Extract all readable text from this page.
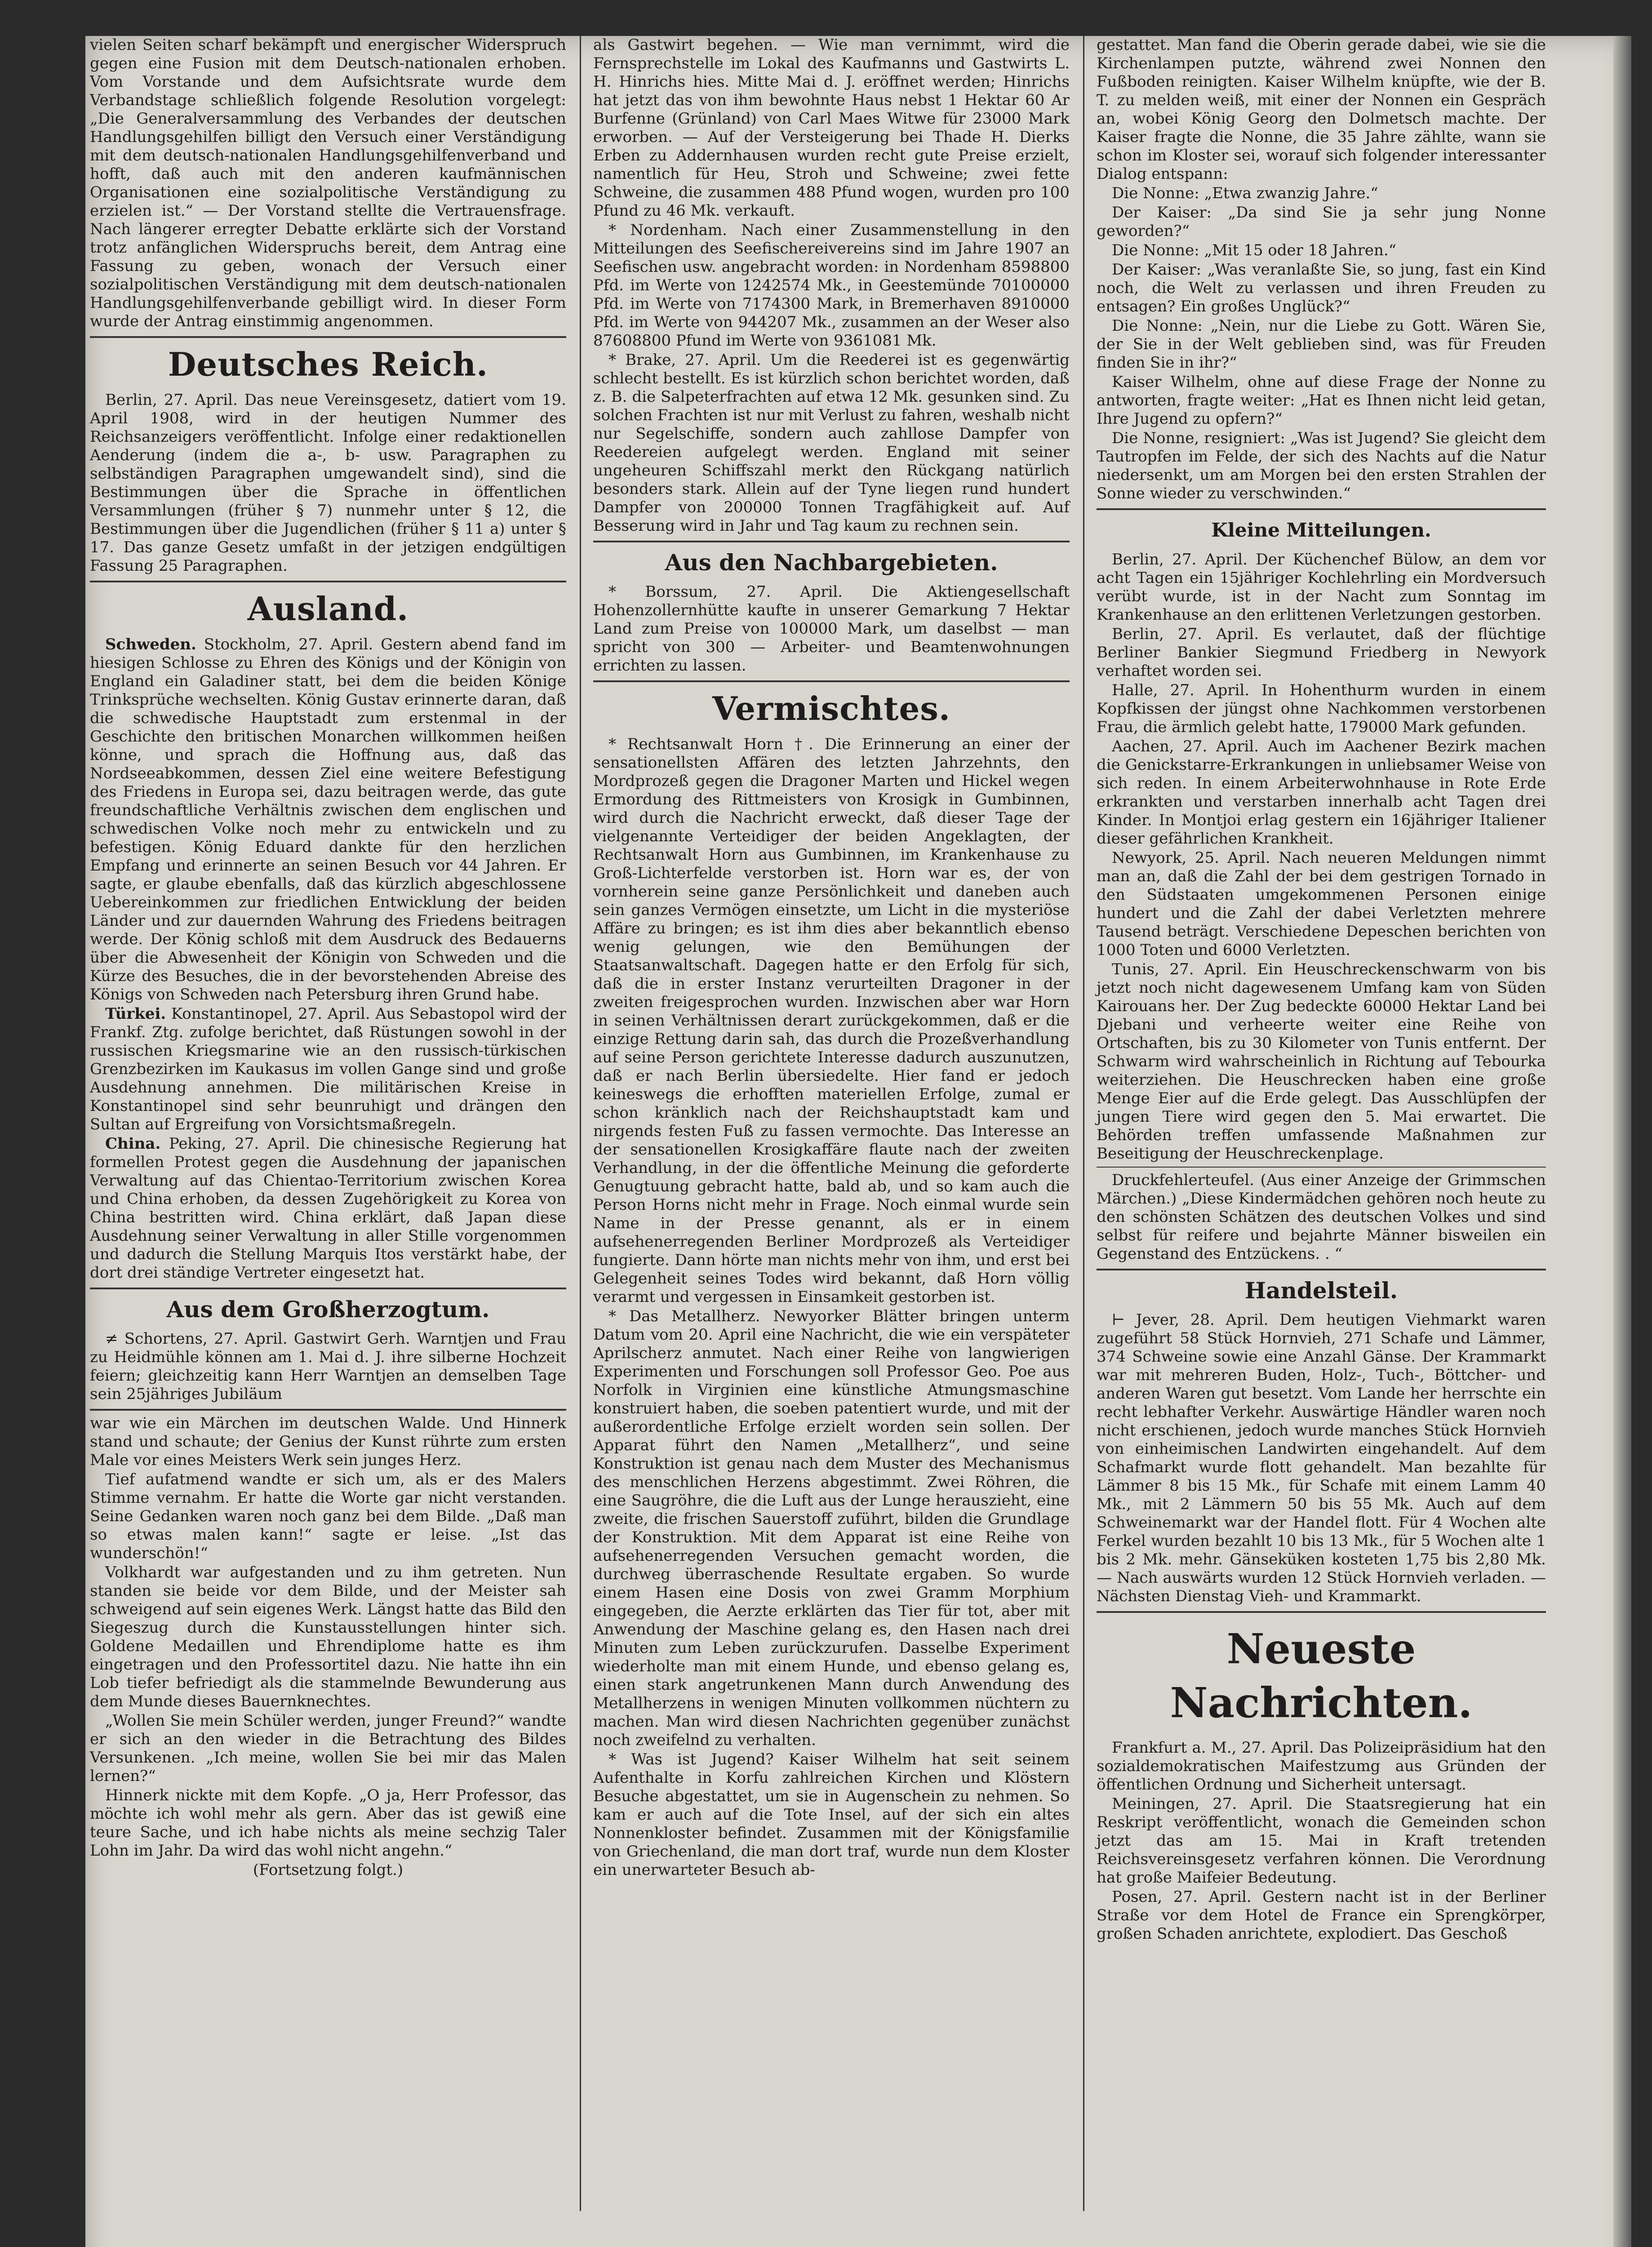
vielen Seiten scharf bekämpft und energischer Widerspruch gegen eine Fusion mit dem Deutsch-nationalen erhoben. Vom Vorstande und dem Aufsichtsrate wurde dem Verbandstage schließlich folgende Resolution vorgelegt: „Die Generalversammlung des Verbandes der deutschen Handlungsgehilfen billigt den Versuch einer Verständigung mit dem deutsch-nationalen Handlungsgehilfenverband und hofft, daß auch mit den anderen kaufmännischen Organisationen eine sozialpolitische Verständigung zu erzielen ist.“ — Der Vorstand stellte die Vertrauensfrage. Nach längerer erregter Debatte erklärte sich der Vorstand trotz anfänglichen Widerspruchs bereit, dem Antrag eine Fassung zu geben, wonach der Versuch einer sozialpolitischen Verständigung mit dem deutsch-nationalen Handlungsgehilfenverbande gebilligt wird. In dieser Form wurde der Antrag einstimmig angenommen.

Deutsches Reich.

Berlin, 27. April. Das neue Vereinsgesetz, datiert vom 19. April 1908, wird in der heutigen Nummer des Reichsanzeigers veröffentlicht. Infolge einer redaktionellen Aenderung (indem die a-, b- usw. Paragraphen zu selbständigen Paragraphen umgewandelt sind), sind die Bestimmungen über die Sprache in öffentlichen Versammlungen (früher § 7) nunmehr unter § 12, die Bestimmungen über die Jugendlichen (früher § 11 a) unter § 17. Das ganze Gesetz umfaßt in der jetzigen endgültigen Fassung 25 Paragraphen.

Ausland.

Schweden. Stockholm, 27. April. Gestern abend fand im hiesigen Schlosse zu Ehren des Königs und der Königin von England ein Galadiner statt, bei dem die beiden Könige Trinksprüche wechselten. König Gustav erinnerte daran, daß die schwedische Hauptstadt zum erstenmal in der Geschichte den britischen Monarchen willkommen heißen könne, und sprach die Hoffnung aus, daß das Nordseeabkommen, dessen Ziel eine weitere Befestigung des Friedens in Europa sei, dazu beitragen werde, das gute freundschaftliche Verhältnis zwischen dem englischen und schwedischen Volke noch mehr zu entwickeln und zu befestigen. König Eduard dankte für den herzlichen Empfang und erinnerte an seinen Besuch vor 44 Jahren. Er sagte, er glaube ebenfalls, daß das kürzlich abgeschlossene Uebereinkommen zur friedlichen Entwicklung der beiden Länder und zur dauernden Wahrung des Friedens beitragen werde. Der König schloß mit dem Ausdruck des Bedauerns über die Abwesenheit der Königin von Schweden und die Kürze des Besuches, die in der bevorstehenden Abreise des Königs von Schweden nach Petersburg ihren Grund habe.

Türkei. Konstantinopel, 27. April. Aus Sebastopol wird der Frankf. Ztg. zufolge berichtet, daß Rüstungen sowohl in der russischen Kriegsmarine wie an den russisch-türkischen Grenzbezirken im Kaukasus im vollen Gange sind und große Ausdehnung annehmen. Die militärischen Kreise in Konstantinopel sind sehr beunruhigt und drängen den Sultan auf Ergreifung von Vorsichtsmaßregeln.

China. Peking, 27. April. Die chinesische Regierung hat formellen Protest gegen die Ausdehnung der japanischen Verwaltung auf das Chientao-Territorium zwischen Korea und China erhoben, da dessen Zugehörigkeit zu Korea von China bestritten wird. China erklärt, daß Japan diese Ausdehnung seiner Verwaltung in aller Stille vorgenommen und dadurch die Stellung Marquis Itos verstärkt habe, der dort drei ständige Vertreter eingesetzt hat.

Aus dem Großherzogtum.

≠ Schortens, 27. April. Gastwirt Gerh. Warntjen und Frau zu Heidmühle können am 1. Mai d. J. ihre silberne Hochzeit feiern; gleichzeitig kann Herr Warntjen an demselben Tage sein 25jähriges Jubiläum

war wie ein Märchen im deutschen Walde. Und Hinnerk stand und schaute; der Genius der Kunst rührte zum ersten Male vor eines Meisters Werk sein junges Herz.

Tief aufatmend wandte er sich um, als er des Malers Stimme vernahm. Er hatte die Worte gar nicht verstanden. Seine Gedanken waren noch ganz bei dem Bilde. „Daß man so etwas malen kann!“ sagte er leise. „Ist das wunderschön!“

Volkhardt war aufgestanden und zu ihm getreten. Nun standen sie beide vor dem Bilde, und der Meister sah schweigend auf sein eigenes Werk. Längst hatte das Bild den Siegeszug durch die Kunstausstellungen hinter sich. Goldene Medaillen und Ehrendiplome hatte es ihm eingetragen und den Professortitel dazu. Nie hatte ihn ein Lob tiefer befriedigt als die stammelnde Bewunderung aus dem Munde dieses Bauernknechtes.

„Wollen Sie mein Schüler werden, junger Freund?“ wandte er sich an den wieder in die Betrachtung des Bildes Versunkenen. „Ich meine, wollen Sie bei mir das Malen lernen?“

Hinnerk nickte mit dem Kopfe. „O ja, Herr Professor, das möchte ich wohl mehr als gern. Aber das ist gewiß eine teure Sache, und ich habe nichts als meine sechzig Taler Lohn im Jahr. Da wird das wohl nicht angehn.“

(Fortsetzung folgt.)

als Gastwirt begehen. — Wie man vernimmt, wird die Fernsprechstelle im Lokal des Kaufmanns und Gastwirts L. H. Hinrichs hies. Mitte Mai d. J. eröffnet werden; Hinrichs hat jetzt das von ihm bewohnte Haus nebst 1 Hektar 60 Ar Burfenne (Grünland) von Carl Maes Witwe für 23000 Mark erworben. — Auf der Versteigerung bei Thade H. Dierks Erben zu Addernhausen wurden recht gute Preise erzielt, namentlich für Heu, Stroh und Schweine; zwei fette Schweine, die zusammen 488 Pfund wogen, wurden pro 100 Pfund zu 46 Mk. verkauft.

* Nordenham. Nach einer Zusammenstellung in den Mitteilungen des Seefischereivereins sind im Jahre 1907 an Seefischen usw. angebracht worden: in Nordenham 8598800 Pfd. im Werte von 1242574 Mk., in Geestemünde 70100000 Pfd. im Werte von 7174300 Mark, in Bremerhaven 8910000 Pfd. im Werte von 944207 Mk., zusammen an der Weser also 87608800 Pfund im Werte von 9361081 Mk.

* Brake, 27. April. Um die Reederei ist es gegenwärtig schlecht bestellt. Es ist kürzlich schon berichtet worden, daß z. B. die Salpeterfrachten auf etwa 12 Mk. gesunken sind. Zu solchen Frachten ist nur mit Verlust zu fahren, weshalb nicht nur Segelschiffe, sondern auch zahllose Dampfer von Reedereien aufgelegt werden. England mit seiner ungeheuren Schiffszahl merkt den Rückgang natürlich besonders stark. Allein auf der Tyne liegen rund hundert Dampfer von 200000 Tonnen Tragfähigkeit auf. Auf Besserung wird in Jahr und Tag kaum zu rechnen sein.

Aus den Nachbargebieten.

* Borssum, 27. April. Die Aktiengesellschaft Hohenzollernhütte kaufte in unserer Gemarkung 7 Hektar Land zum Preise von 100000 Mark, um daselbst — man spricht von 300 — Arbeiter- und Beamtenwohnungen errichten zu lassen.

Vermischtes.

* Rechtsanwalt Horn †. Die Erinnerung an einer der sensationellsten Affären des letzten Jahrzehnts, den Mordprozeß gegen die Dragoner Marten und Hickel wegen Ermordung des Rittmeisters von Krosigk in Gumbinnen, wird durch die Nachricht erweckt, daß dieser Tage der vielgenannte Verteidiger der beiden Angeklagten, der Rechtsanwalt Horn aus Gumbinnen, im Krankenhause zu Groß-Lichterfelde verstorben ist. Horn war es, der von vornherein seine ganze Persönlichkeit und daneben auch sein ganzes Vermögen einsetzte, um Licht in die mysteriöse Affäre zu bringen; es ist ihm dies aber bekanntlich ebenso wenig gelungen, wie den Bemühungen der Staatsanwaltschaft. Dagegen hatte er den Erfolg für sich, daß die in erster Instanz verurteilten Dragoner in der zweiten freigesprochen wurden. Inzwischen aber war Horn in seinen Verhältnissen derart zurückgekommen, daß er die einzige Rettung darin sah, das durch die Prozeßverhandlung auf seine Person gerichtete Interesse dadurch auszunutzen, daß er nach Berlin übersiedelte. Hier fand er jedoch keineswegs die erhofften materiellen Erfolge, zumal er schon kränklich nach der Reichshauptstadt kam und nirgends festen Fuß zu fassen vermochte. Das Interesse an der sensationellen Krosigkaffäre flaute nach der zweiten Verhandlung, in der die öffentliche Meinung die geforderte Genugtuung gebracht hatte, bald ab, und so kam auch die Person Horns nicht mehr in Frage. Noch einmal wurde sein Name in der Presse genannt, als er in einem aufsehenerregenden Berliner Mordprozeß als Verteidiger fungierte. Dann hörte man nichts mehr von ihm, und erst bei Gelegenheit seines Todes wird bekannt, daß Horn völlig verarmt und vergessen in Einsamkeit gestorben ist.

* Das Metallherz. Newyorker Blätter bringen unterm Datum vom 20. April eine Nachricht, die wie ein verspäteter Aprilscherz anmutet. Nach einer Reihe von langwierigen Experimenten und Forschungen soll Professor Geo. Poe aus Norfolk in Virginien eine künstliche Atmungsmaschine konstruiert haben, die soeben patentiert wurde, und mit der außerordentliche Erfolge erzielt worden sein sollen. Der Apparat führt den Namen „Metallherz“, und seine Konstruktion ist genau nach dem Muster des Mechanismus des menschlichen Herzens abgestimmt. Zwei Röhren, die eine Saugröhre, die die Luft aus der Lunge herauszieht, eine zweite, die frischen Sauerstoff zuführt, bilden die Grundlage der Konstruktion. Mit dem Apparat ist eine Reihe von aufsehenerregenden Versuchen gemacht worden, die durchweg überraschende Resultate ergaben. So wurde einem Hasen eine Dosis von zwei Gramm Morphium eingegeben, die Aerzte erklärten das Tier für tot, aber mit Anwendung der Maschine gelang es, den Hasen nach drei Minuten zum Leben zurückzurufen. Dasselbe Experiment wiederholte man mit einem Hunde, und ebenso gelang es, einen stark angetrunkenen Mann durch Anwendung des Metallherzens in wenigen Minuten vollkommen nüchtern zu machen. Man wird diesen Nachrichten gegenüber zunächst noch zweifelnd zu verhalten.

* Was ist Jugend? Kaiser Wilhelm hat seit seinem Aufenthalte in Korfu zahlreichen Kirchen und Klöstern Besuche abgestattet, um sie in Augenschein zu nehmen. So kam er auch auf die Tote Insel, auf der sich ein altes Nonnenkloster befindet. Zusammen mit der Königsfamilie von Griechenland, die man dort traf, wurde nun dem Kloster ein unerwarteter Besuch ab-

gestattet. Man fand die Oberin gerade dabei, wie sie die Kirchenlampen putzte, während zwei Nonnen den Fußboden reinigten. Kaiser Wilhelm knüpfte, wie der B. T. zu melden weiß, mit einer der Nonnen ein Gespräch an, wobei König Georg den Dolmetsch machte. Der Kaiser fragte die Nonne, die 35 Jahre zählte, wann sie schon im Kloster sei, worauf sich folgender interessanter Dialog entspann:

Die Nonne: „Etwa zwanzig Jahre.“

Der Kaiser: „Da sind Sie ja sehr jung Nonne geworden?“

Die Nonne: „Mit 15 oder 18 Jahren.“

Der Kaiser: „Was veranlaßte Sie, so jung, fast ein Kind noch, die Welt zu verlassen und ihren Freuden zu entsagen? Ein großes Unglück?“

Die Nonne: „Nein, nur die Liebe zu Gott. Wären Sie, der Sie in der Welt geblieben sind, was für Freuden finden Sie in ihr?“

Kaiser Wilhelm, ohne auf diese Frage der Nonne zu antworten, fragte weiter: „Hat es Ihnen nicht leid getan, Ihre Jugend zu opfern?“

Die Nonne, resigniert: „Was ist Jugend? Sie gleicht dem Tautropfen im Felde, der sich des Nachts auf die Natur niedersenkt, um am Morgen bei den ersten Strahlen der Sonne wieder zu verschwinden.“

Kleine Mitteilungen.

Berlin, 27. April. Der Küchenchef Bülow, an dem vor acht Tagen ein 15jähriger Kochlehrling ein Mordversuch verübt wurde, ist in der Nacht zum Sonntag im Krankenhause an den erlittenen Verletzungen gestorben.

Berlin, 27. April. Es verlautet, daß der flüchtige Berliner Bankier Siegmund Friedberg in Newyork verhaftet worden sei.

Halle, 27. April. In Hohenthurm wurden in einem Kopfkissen der jüngst ohne Nachkommen verstorbenen Frau, die ärmlich gelebt hatte, 179000 Mark gefunden.

Aachen, 27. April. Auch im Aachener Bezirk machen die Genickstarre-Erkrankungen in unliebsamer Weise von sich reden. In einem Arbeiterwohnhause in Rote Erde erkrankten und verstarben innerhalb acht Tagen drei Kinder. In Montjoi erlag gestern ein 16jähriger Italiener dieser gefährlichen Krankheit.

Newyork, 25. April. Nach neueren Meldungen nimmt man an, daß die Zahl der bei dem gestrigen Tornado in den Südstaaten umgekommenen Personen einige hundert und die Zahl der dabei Verletzten mehrere Tausend beträgt. Verschiedene Depeschen berichten von 1000 Toten und 6000 Verletzten.

Tunis, 27. April. Ein Heuschreckenschwarm von bis jetzt noch nicht dagewesenem Umfang kam von Süden Kairouans her. Der Zug bedeckte 60000 Hektar Land bei Djebani und verheerte weiter eine Reihe von Ortschaften, bis zu 30 Kilometer von Tunis entfernt. Der Schwarm wird wahrscheinlich in Richtung auf Tebourka weiterziehen. Die Heuschrecken haben eine große Menge Eier auf die Erde gelegt. Das Ausschlüpfen der jungen Tiere wird gegen den 5. Mai erwartet. Die Behörden treffen umfassende Maßnahmen zur Beseitigung der Heuschreckenplage.

Druckfehlerteufel. (Aus einer Anzeige der Grimmschen Märchen.) „Diese Kindermädchen gehören noch heute zu den schönsten Schätzen des deutschen Volkes und sind selbst für reifere und bejahrte Männer bisweilen ein Gegenstand des Entzückens. . “

Handelsteil.

⊢ Jever, 28. April. Dem heutigen Viehmarkt waren zugeführt 58 Stück Hornvieh, 271 Schafe und Lämmer, 374 Schweine sowie eine Anzahl Gänse. Der Krammarkt war mit mehreren Buden, Holz-, Tuch-, Böttcher- und anderen Waren gut besetzt. Vom Lande her herrschte ein recht lebhafter Verkehr. Auswärtige Händler waren noch nicht erschienen, jedoch wurde manches Stück Hornvieh von einheimischen Landwirten eingehandelt. Auf dem Schafmarkt wurde flott gehandelt. Man bezahlte für Lämmer 8 bis 15 Mk., für Schafe mit einem Lamm 40 Mk., mit 2 Lämmern 50 bis 55 Mk. Auch auf dem Schweinemarkt war der Handel flott. Für 4 Wochen alte Ferkel wurden bezahlt 10 bis 13 Mk., für 5 Wochen alte 1 bis 2 Mk. mehr. Gänseküken kosteten 1,75 bis 2,80 Mk. — Nach auswärts wurden 12 Stück Hornvieh verladen. — Nächsten Dienstag Vieh- und Krammarkt.

Neueste Nachrichten.

Frankfurt a. M., 27. April. Das Polizeipräsidium hat den sozialdemokratischen Maifestzumg aus Gründen der öffentlichen Ordnung und Sicherheit untersagt.

Meiningen, 27. April. Die Staatsregierung hat ein Reskript veröffentlicht, wonach die Gemeinden schon jetzt das am 15. Mai in Kraft tretenden Reichsvereinsgesetz verfahren können. Die Verordnung hat große Maifeier Bedeutung.

Posen, 27. April. Gestern nacht ist in der Berliner Straße vor dem Hotel de France ein Sprengkörper, großen Schaden anrichtete, explodiert. Das Geschoß
